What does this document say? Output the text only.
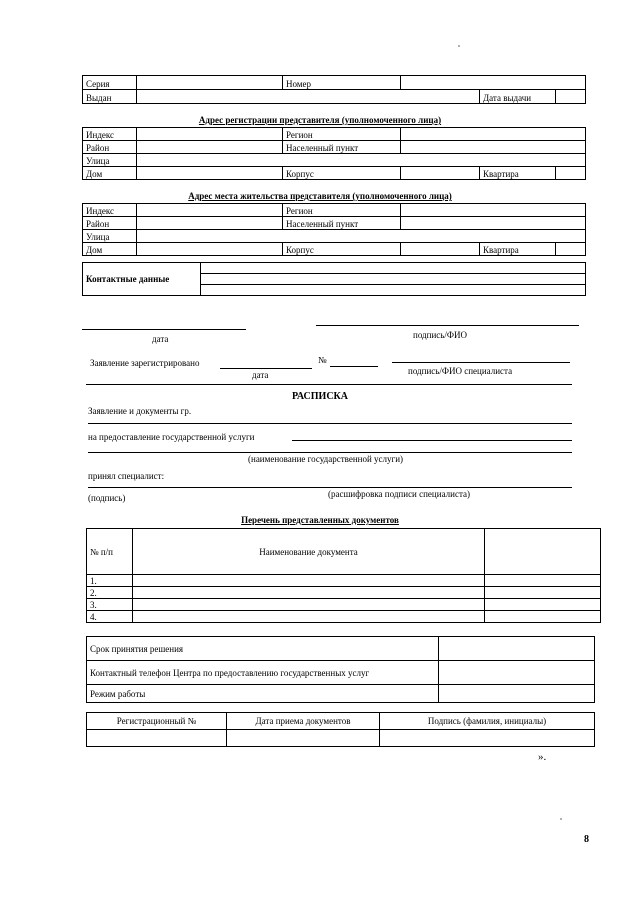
Серия		Номер			
Выдан				Дата выдачи	
Адрес регистрации представителя (уполномоченного лица)
Индекс		Регион			
Район		Населенный пункт			
Улица					
Дом		Корпус		Квартира	
Адрес места жительства представителя (уполномоченного лица)
Индекс		Регион			
Район		Населенный пункт			
Улица					
Дом		Корпус		Квартира	
Контактные данные	

дата	подпись/ФИО
Заявление зарегистрировано	№
дата	подпись/ФИО специалиста
РАСПИСКА
Заявление и документы гр.
на предоставление государственной услуги
(наименование государственной услуги)
принял специалист:
(подпись)	(расшифровка подписи специалиста)
Перечень представленных документов
№ п/п	Наименование документа	
1.		
2.		
3.		
4.		
Срок принятия решения	
Контактный телефон Центра по предоставлению государственных услуг	
Режим работы	
Регистрационный №	Дата приема документов	Подпись (фамилия, инициалы)

».
8
